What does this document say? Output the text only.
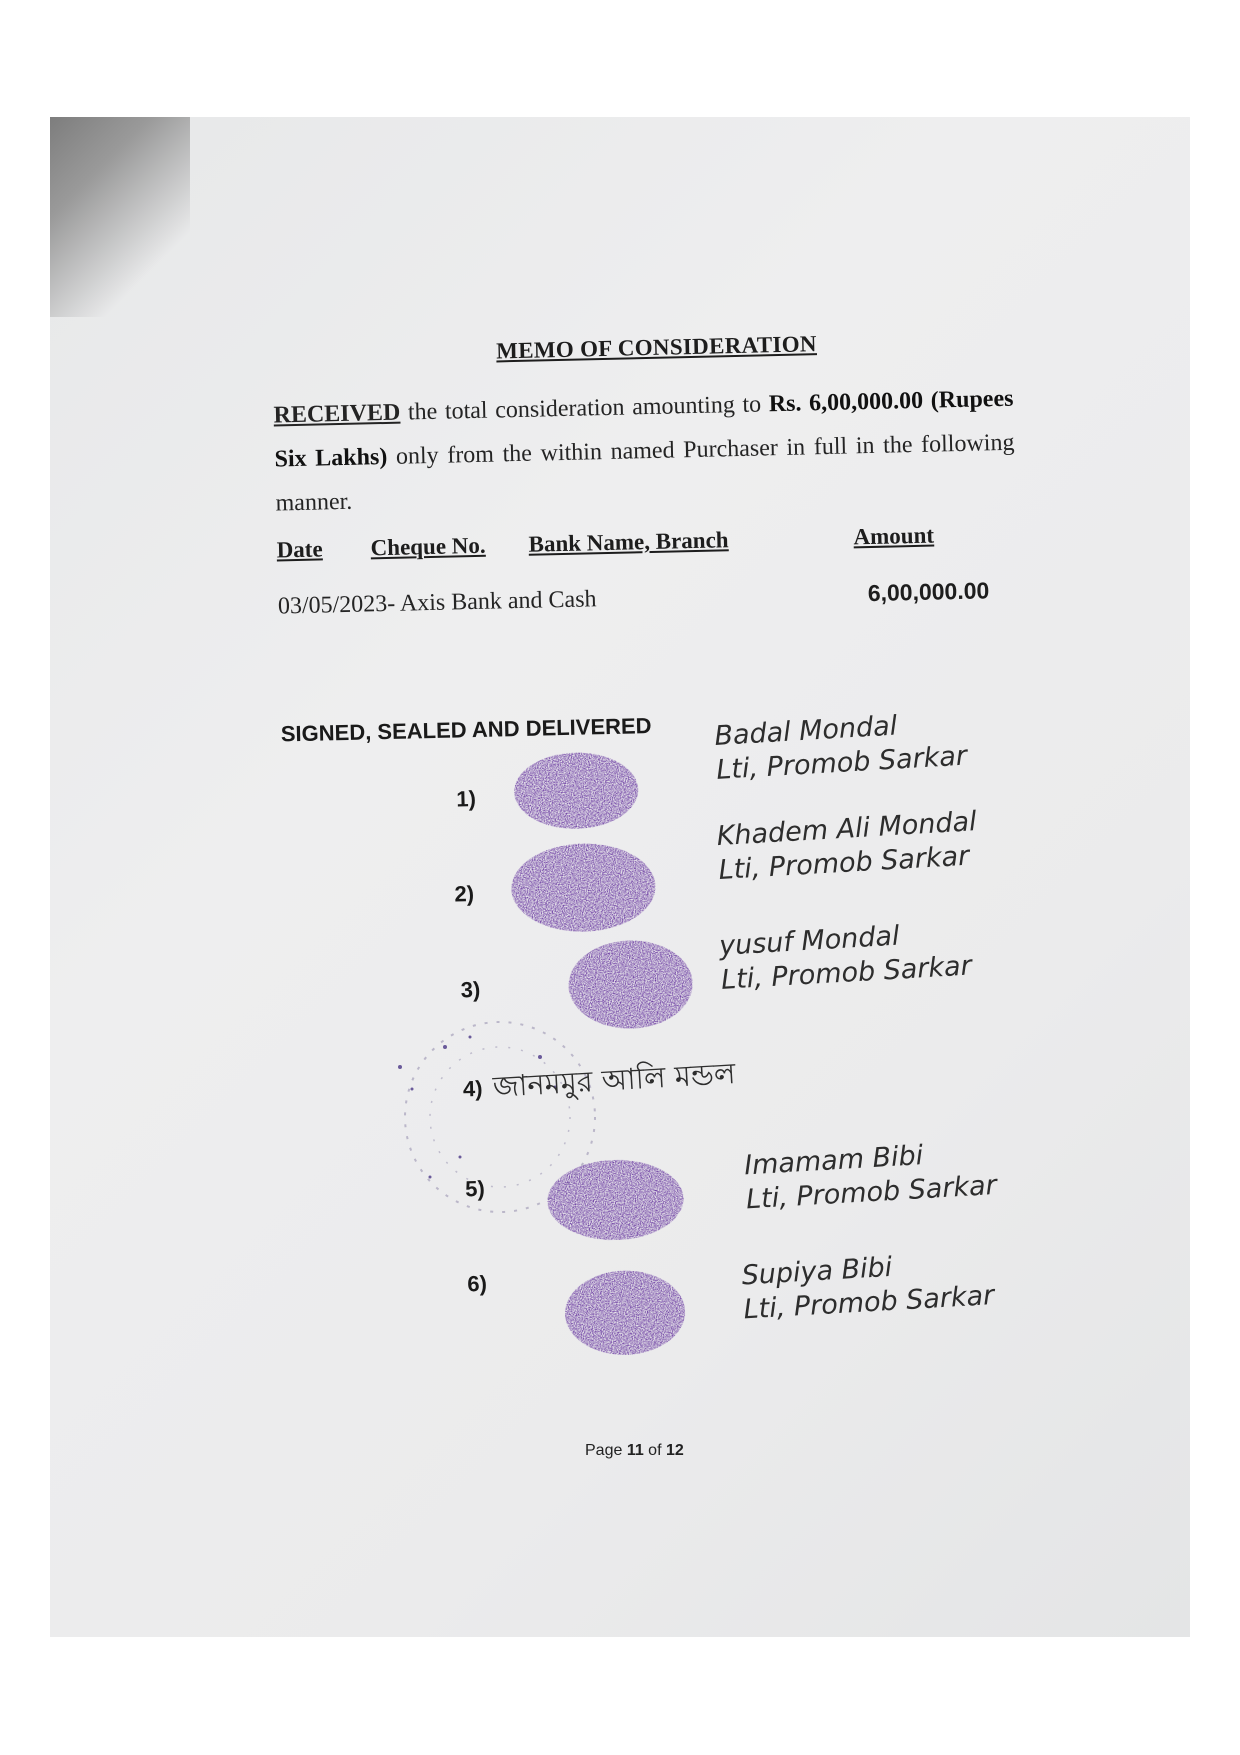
MEMO OF CONSIDERATION
RECEIVED the total consideration amounting to Rs. 6,00,000.00 (Rupees Six Lakhs) only from the within named Purchaser in full in the following manner.
Date Cheque No. Bank Name, Branch	Amount
03/05/2023- Axis Bank and Cash	6,00,000.00
SIGNED, SEALED AND DELIVERED
1)
Badal Mondal
Lti, Promob Sarkar
2)
Khadem Ali Mondal
Lti, Promob Sarkar
3)
yusuf Mondal
Lti, Promob Sarkar
4) জানমমুর আলি মন্ডল
5)
Imamam Bibi
Lti, Promob Sarkar
6)	Supiya Bibi
Lti, Promob Sarkar
Page 11 of 12
